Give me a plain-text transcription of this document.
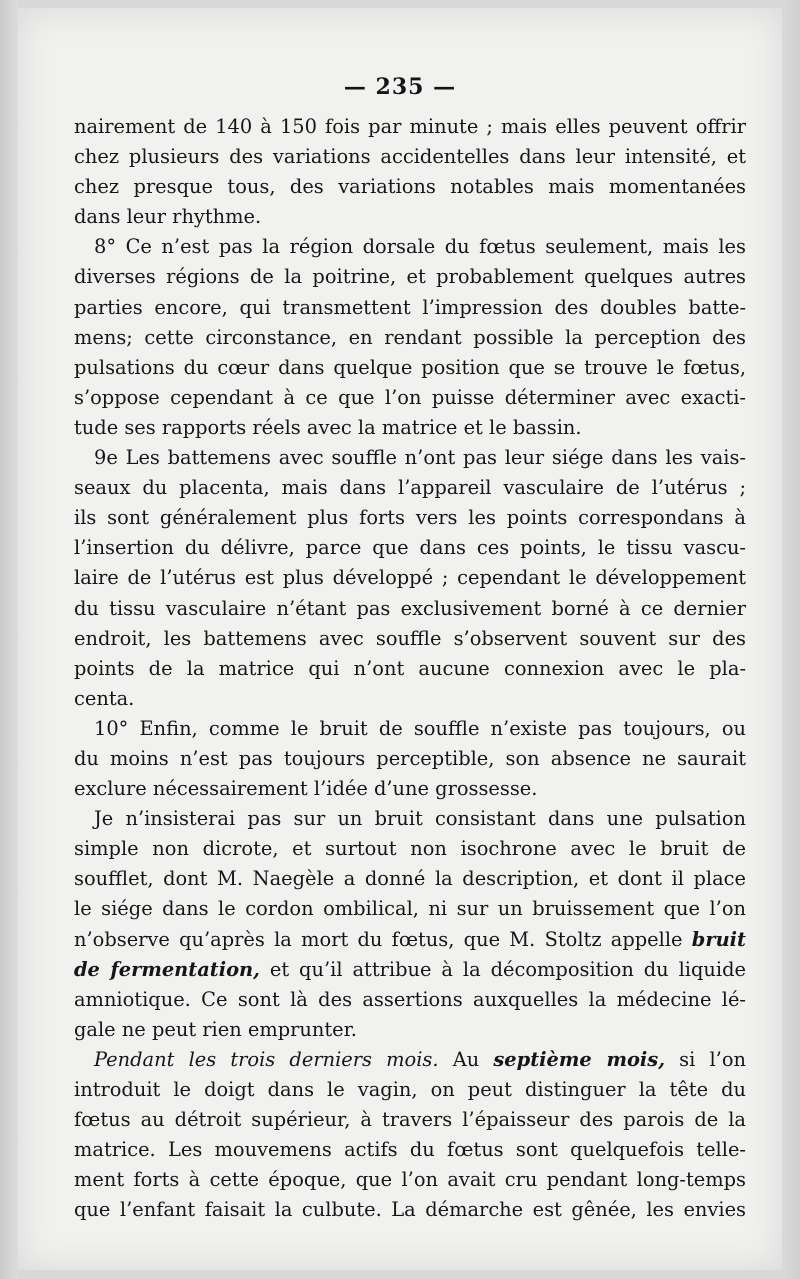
— 235 —
nairement de 140 à 150 fois par minute ; mais elles peuvent offrir
chez plusieurs des variations accidentelles dans leur intensité, et
chez presque tous, des variations notables mais momentanées
dans leur rhythme.
8° Ce n’est pas la région dorsale du fœtus seulement, mais les
diverses régions de la poitrine, et probablement quelques autres
parties encore, qui transmettent l’impression des doubles batte-
mens; cette circonstance, en rendant possible la perception des
pulsations du cœur dans quelque position que se trouve le fœtus,
s’oppose cependant à ce que l’on puisse déterminer avec exacti-
tude ses rapports réels avec la matrice et le bassin.
9e Les battemens avec souffle n’ont pas leur siége dans les vais-
seaux du placenta, mais dans l’appareil vasculaire de l’utérus ;
ils sont généralement plus forts vers les points correspondans à
l’insertion du délivre, parce que dans ces points, le tissu vascu-
laire de l’utérus est plus développé ; cependant le développement
du tissu vasculaire n’étant pas exclusivement borné à ce dernier
endroit, les battemens avec souffle s’observent souvent sur des
points de la matrice qui n’ont aucune connexion avec le pla-
centa.
10° Enfin, comme le bruit de souffle n’existe pas toujours, ou
du moins n’est pas toujours perceptible, son absence ne saurait
exclure nécessairement l’idée d’une grossesse.
Je n’insisterai pas sur un bruit consistant dans une pulsation
simple non dicrote, et surtout non isochrone avec le bruit de
soufflet, dont M. Naegèle a donné la description, et dont il place
le siége dans le cordon ombilical, ni sur un bruissement que l’on
n’observe qu’après la mort du fœtus, que M. Stoltz appelle bruit
de fermentation, et qu’il attribue à la décomposition du liquide
amniotique. Ce sont là des assertions auxquelles la médecine lé-
gale ne peut rien emprunter.
Pendant les trois derniers mois. Au septième mois, si l’on
introduit le doigt dans le vagin, on peut distinguer la tête du
fœtus au détroit supérieur, à travers l’épaisseur des parois de la
matrice. Les mouvemens actifs du fœtus sont quelquefois telle-
ment forts à cette époque, que l’on avait cru pendant long-temps
que l’enfant faisait la culbute. La démarche est gênée, les envies
